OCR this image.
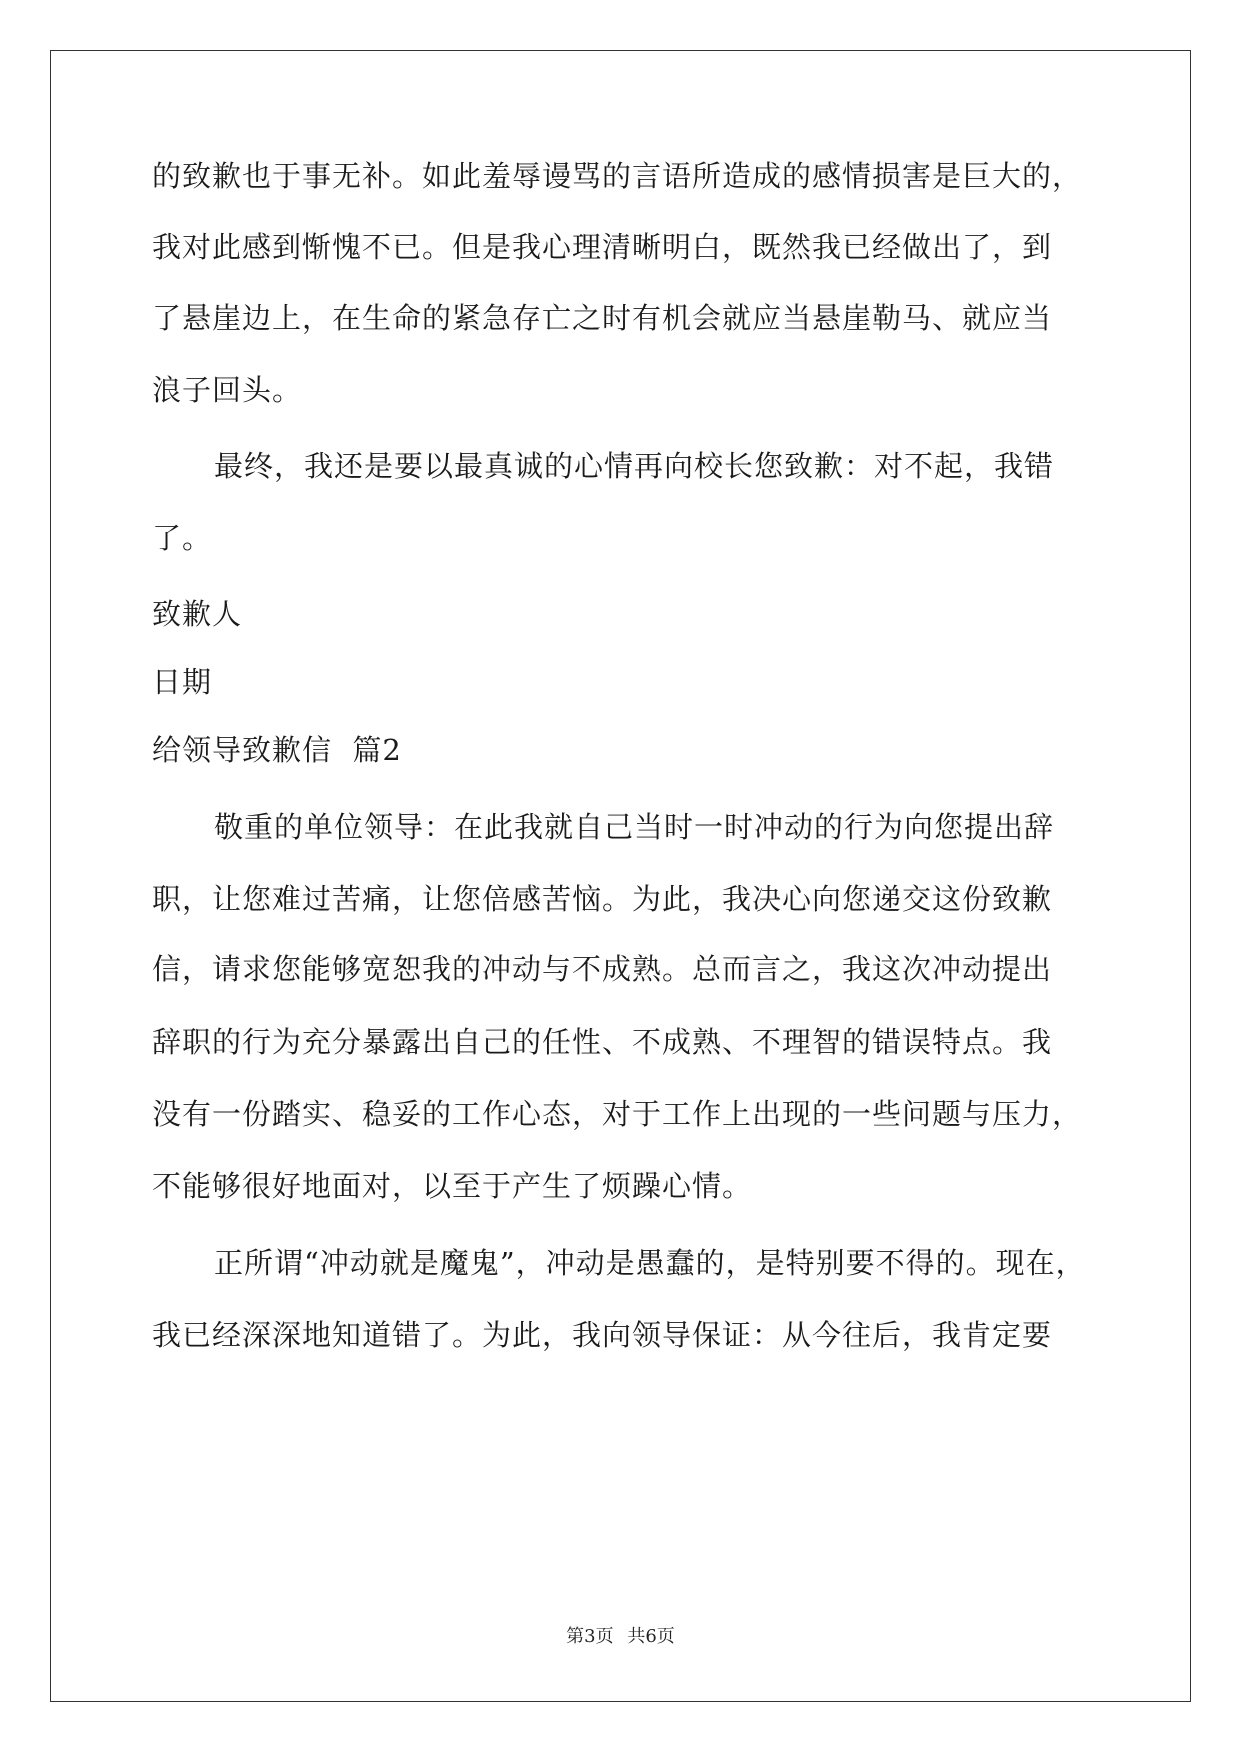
的致歉也于事无补。如此羞辱谩骂的言语所造成的感情损害是巨大的，
我对此感到惭愧不已。但是我心理清晰明白，既然我已经做出了，到
了悬崖边上，在生命的紧急存亡之时有机会就应当悬崖勒马、就应当
浪子回头。
最终，我还是要以最真诚的心情再向校长您致歉：对不起，我错
了。
致歉人
日期
给领导致歉信  篇2
敬重的单位领导：在此我就自己当时一时冲动的行为向您提出辞
职，让您难过苦痛，让您倍感苦恼。为此，我决心向您递交这份致歉
信，请求您能够宽恕我的冲动与不成熟。总而言之，我这次冲动提出
辞职的行为充分暴露出自己的任性、不成熟、不理智的错误特点。我
没有一份踏实、稳妥的工作心态，对于工作上出现的一些问题与压力，
不能够很好地面对，以至于产生了烦躁心情。
正所谓“冲动就是魔鬼”，冲动是愚蠢的，是特别要不得的。现在，
我已经深深地知道错了。为此，我向领导保证：从今往后，我肯定要
第3页 共6页
